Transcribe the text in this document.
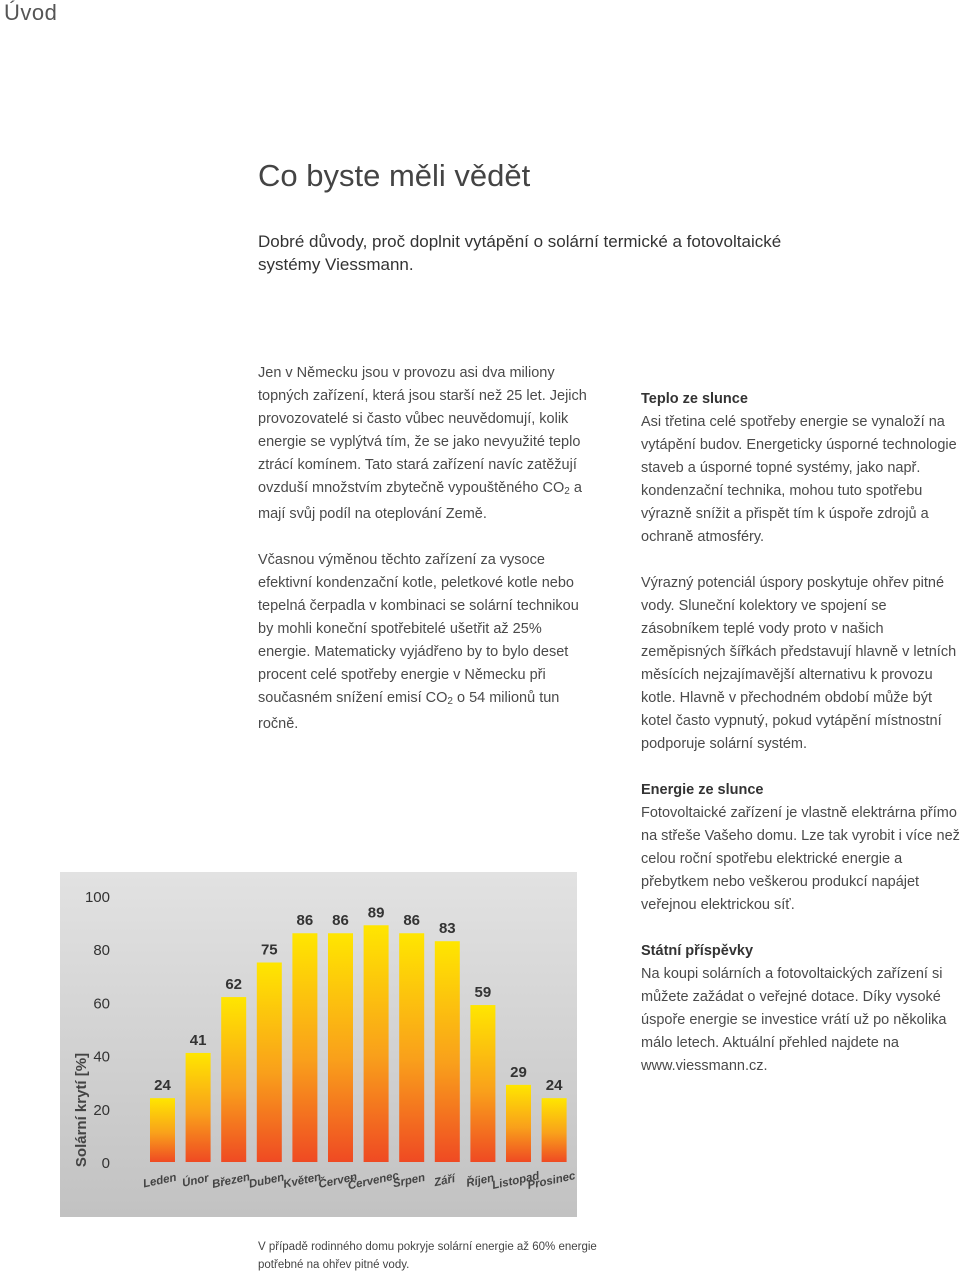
Úvod
Co byste měli vědět
Dobré důvody, proč doplnit vytápění o solární termické a fotovoltaické systémy Viessmann.

Jen v Německu jsou v provozu asi dva miliony topných zařízení, která jsou starší než 25 let. Jejich provozovatelé si často vůbec neuvědomují, kolik energie se vyplýtvá tím, že se jako nevyužité teplo ztrácí komínem. Tato stará zařízení navíc zatěžují ovzduší množstvím zbytečně vypouštěného $CO_2$ a mají svůj podíl na oteplování Země.

Včasnou výměnou těchto zařízení za vysoce efektivní kondenzační kotle, peletkové kotle nebo tepelná čerpadla v kombinaci se solární technikou by mohli koneční spotřebitelé ušetřit až 25% energie. Matematicky vyjádřeno by to bylo deset procent celé spotřeby energie v Německu při současném snížení emisí $CO_2$ o 54 milionů tun ročně.

Teplo ze slunce
Asi třetina celé spotřeby energie se vynaloží na vytápění budov. Energeticky úsporné technologie staveb a úsporné topné systémy, jako např. kondenzační technika, mohou tuto spotřebu výrazně snížit a přispět tím k úspoře zdrojů a ochraně atmosféry.
Výrazný potenciál úspory poskytuje ohřev pitné vody. Sluneční kolektory ve spojení se zásobníkem teplé vody proto v našich zeměpisných šířkách představují hlavně v letních měsících nejzajímavější alternativu k provozu kotle. Hlavně v přechodném období může být kotel často vypnutý, pokud vytápění místnostní podporuje solární systém.
Energie ze slunce
Fotovoltaické zařízení je vlastně elektrárna přímo na střeše Vašeho domu. Lze tak vyrobit i více než celou roční spotřebu elektrické energie a přebytkem nebo veškerou produkcí napájet veřejnou elektrickou síť.
Státní příspěvky
Na koupi solárních a fotovoltaických zařízení si můžete zažádat o veřejné dotace. Díky vysoké úspoře energie se investice vrátí už po několika málo letech. Aktuální přehled najdete na www.viessmann.cz.
Solární krytí [%] 0
20
40
60
80
100
24
Leden
41
Únor
62
Březen
75
Duben
86
Květen
86
Červen
89
Červenec
86
Srpen
83
Září
59
Říjen
29
Listopad
24
Prosinec
V případě rodinného domu pokryje solární energie až 60% energie potřebné na ohřev pitné vody.
